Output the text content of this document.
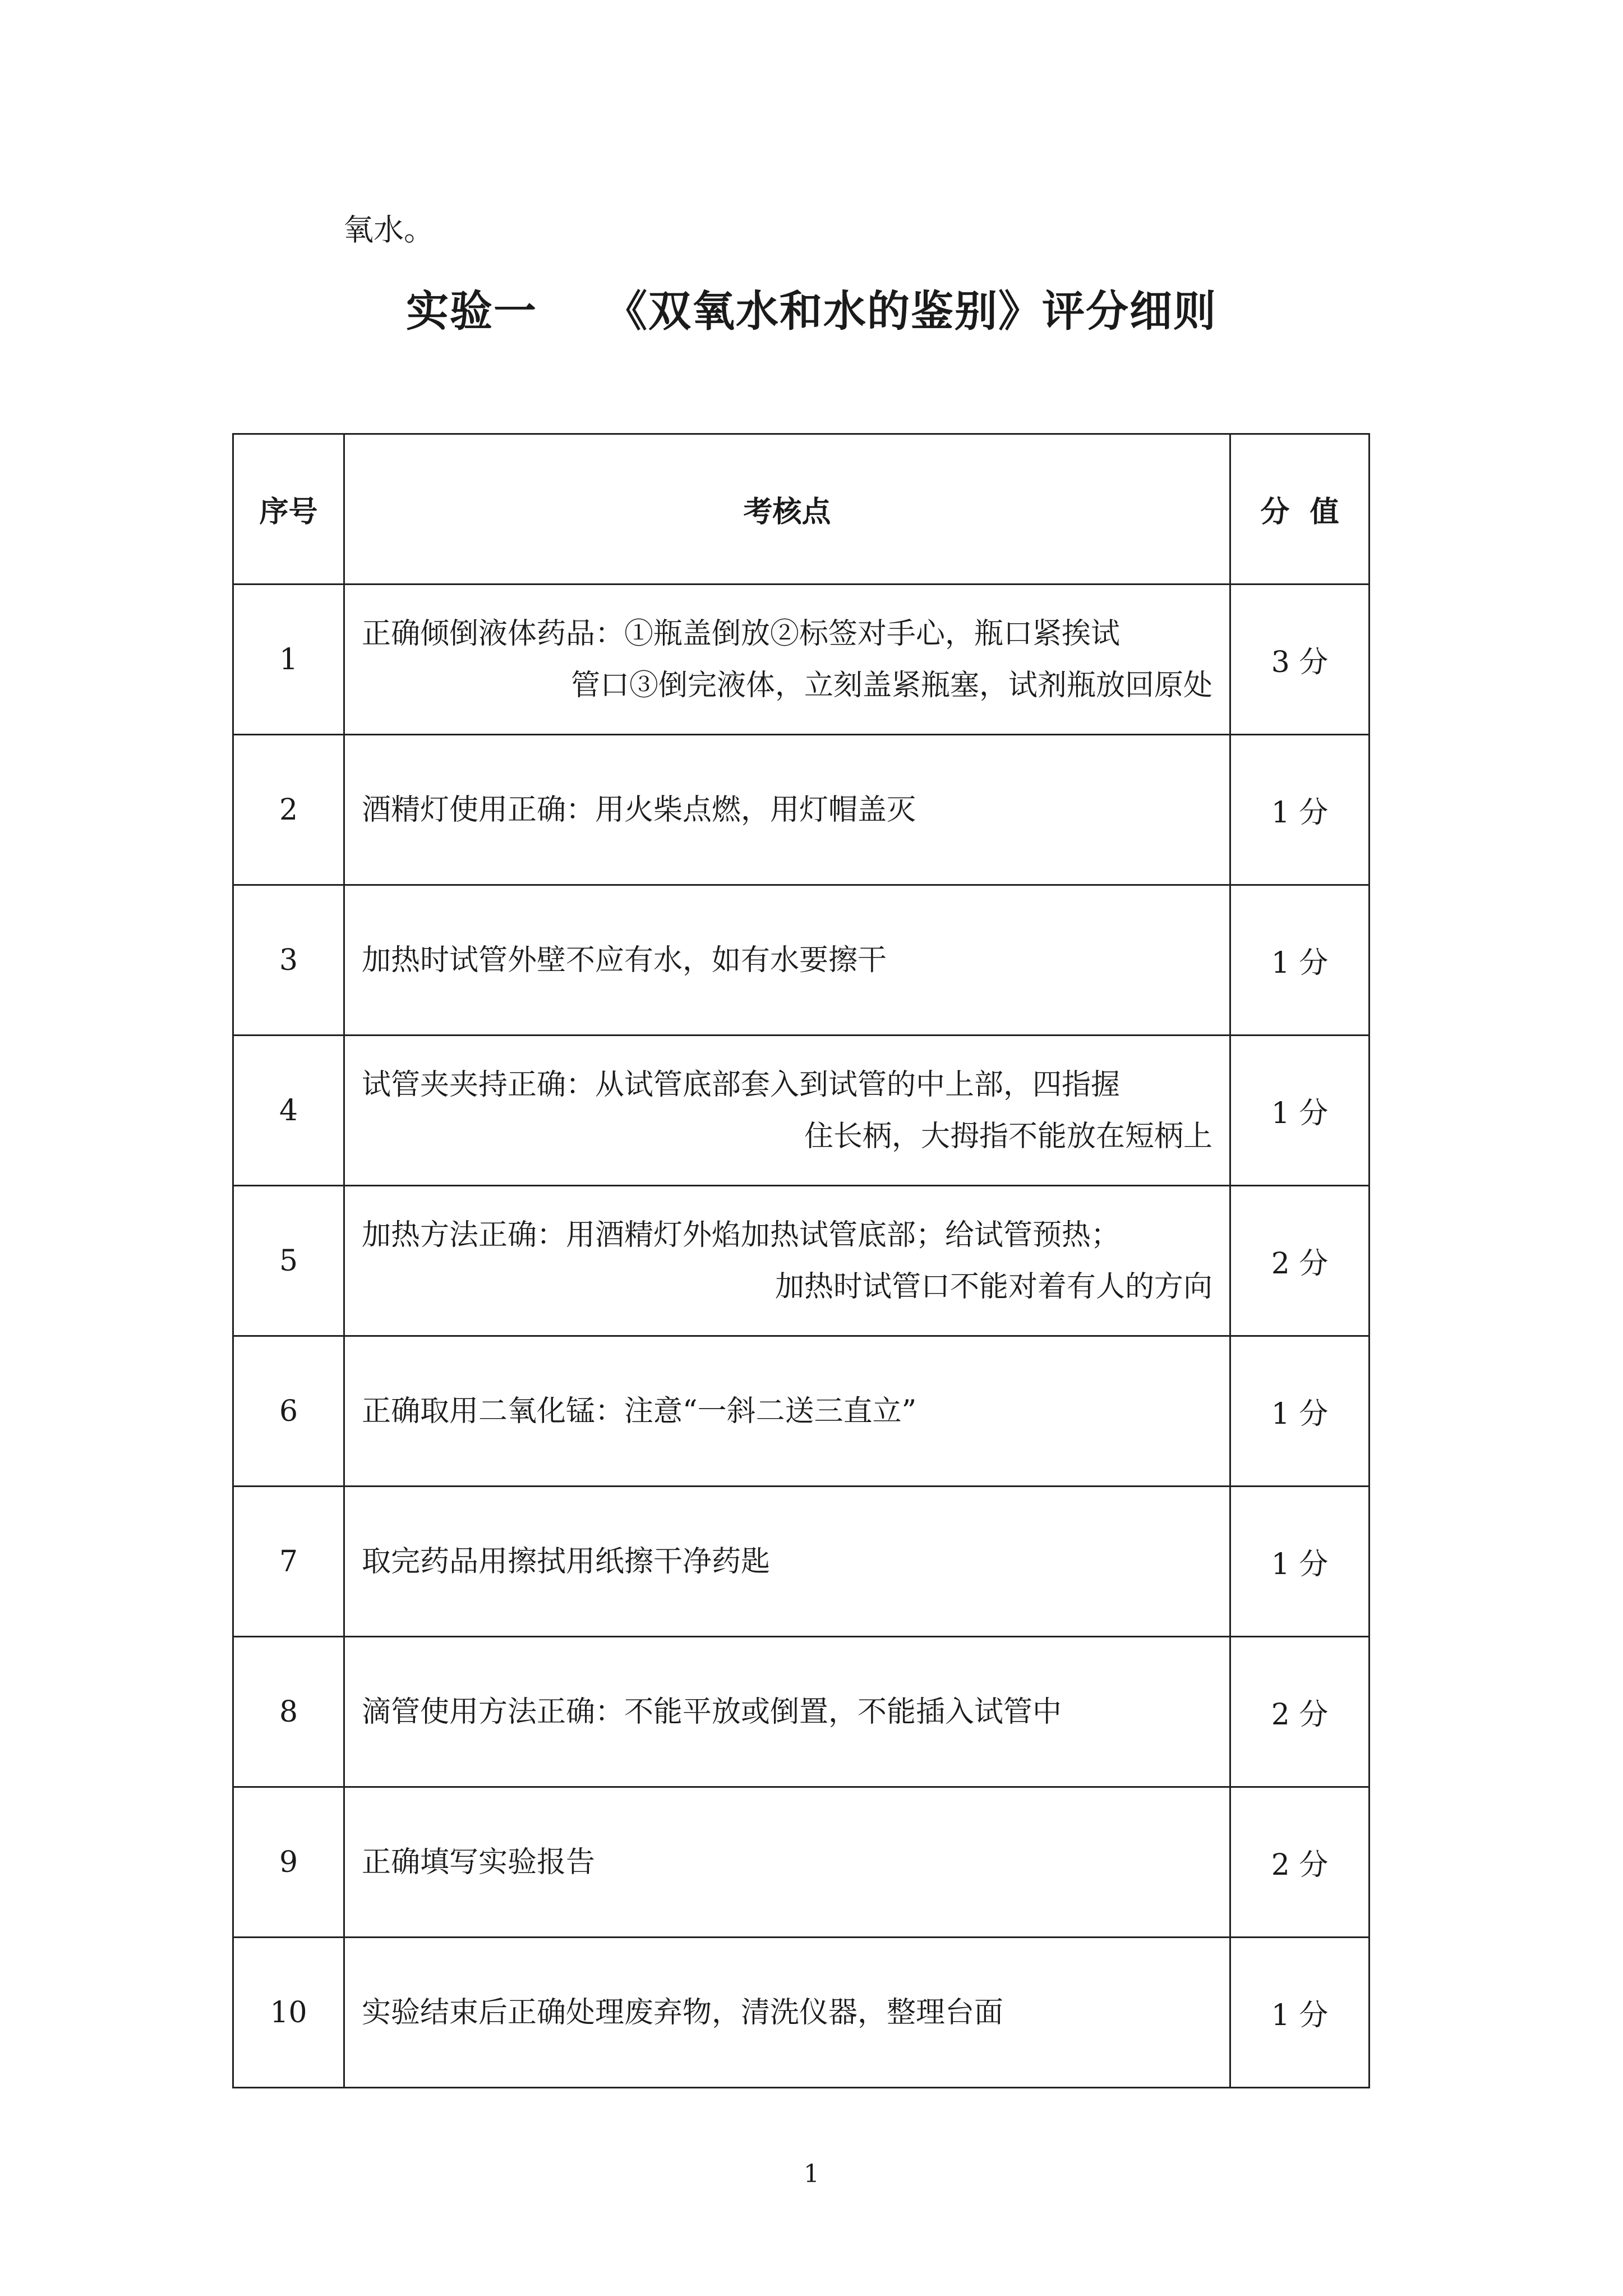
氧水。
实验一 《双氧水和水的鉴别》评分细则
序号	考核点	分  值
1	正确倾倒液体药品：①瓶盖倒放②标签对手心，瓶口紧挨试
管口③倒完液体，立刻盖紧瓶塞，试剂瓶放回原处	3 分
2	酒精灯使用正确：用火柴点燃，用灯帽盖灭	1 分
3	加热时试管外壁不应有水，如有水要擦干	1 分
4	试管夹夹持正确：从试管底部套入到试管的中上部，四指握
住长柄，大拇指不能放在短柄上	1 分
5	加热方法正确：用酒精灯外焰加热试管底部；给试管预热；
加热时试管口不能对着有人的方向	2 分
6	正确取用二氧化锰：注意“一斜二送三直立”	1 分
7	取完药品用擦拭用纸擦干净药匙	1 分
8	滴管使用方法正确：不能平放或倒置，不能插入试管中	2 分
9	正确填写实验报告	2 分
10	实验结束后正确处理废弃物，清洗仪器，整理台面	1 分
1
